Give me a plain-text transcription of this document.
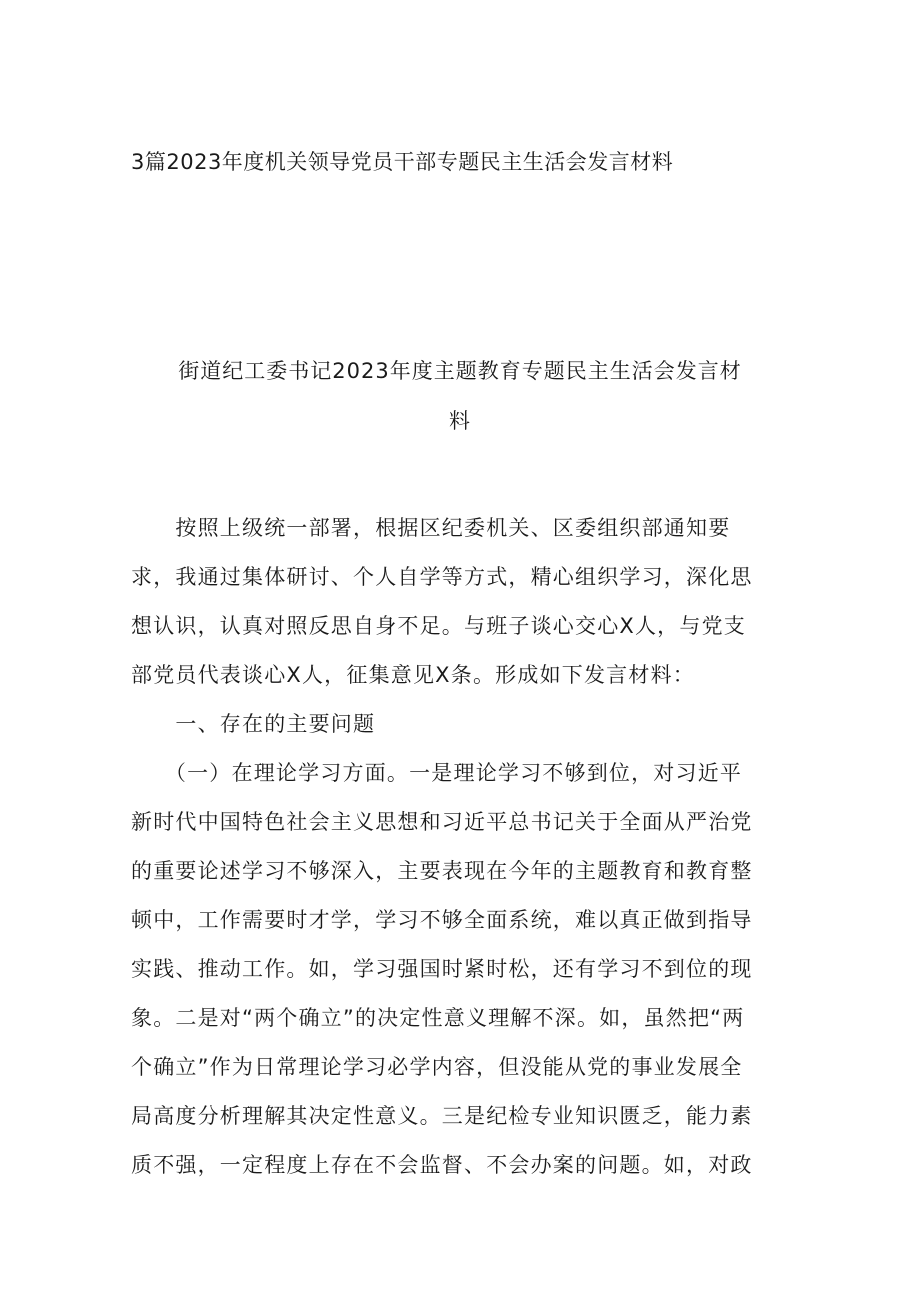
3篇2023年度机关领导党员干部专题民主生活会发言材料
街道纪工委书记2023年度主题教育专题民主生活会发言材
料
　　按照上级统一部署，根据区纪委机关、区委组织部通知要
求，我通过集体研讨、个人自学等方式，精心组织学习，深化思
想认识，认真对照反思自身不足。与班子谈心交心X人，与党支
部党员代表谈心X人，征集意见X条。形成如下发言材料：
　　一、存在的主要问题
　　（一）在理论学习方面。一是理论学习不够到位，对习近平
新时代中国特色社会主义思想和习近平总书记关于全面从严治党
的重要论述学习不够深入，主要表现在今年的主题教育和教育整
顿中，工作需要时才学，学习不够全面系统，难以真正做到指导
实践、推动工作。如，学习强国时紧时松，还有学习不到位的现
象。二是对“两个确立”的决定性意义理解不深。如，虽然把“两
个确立”作为日常理论学习必学内容，但没能从党的事业发展全
局高度分析理解其决定性意义。三是纪检专业知识匮乏，能力素
质不强，一定程度上存在不会监督、不会办案的问题。如，对政
